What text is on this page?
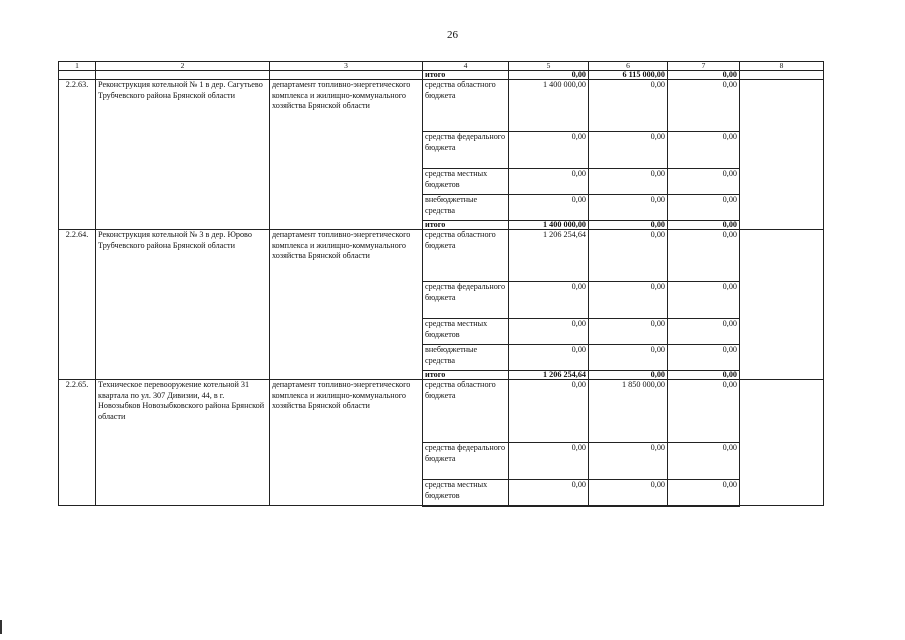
26
1	2	3	4	5	6	7	8
			итого	0,00	6 115 000,00	0,00	
2.2.63.	Реконструкция котельной № 1 в дер. Сагутьево Трубчевского района Брянской области	департамент топливно-энергетического комплекса и жилищно-коммунального хозяйства Брянской области	средства областного бюджета	1 400 000,00	0,00	0,00	
			средства федерального бюджета	0,00	0,00	0,00	
			средства местных бюджетов	0,00	0,00	0,00	
			внебюджетные средства	0,00	0,00	0,00	
			итого	1 400 000,00	0,00	0,00	
2.2.64.	Реконструкция котельной № 3 в дер. Юрово Трубчевского района Брянской области	департамент топливно-энергетического комплекса и жилищно-коммунального хозяйства Брянской области	средства областного бюджета	1 206 254,64	0,00	0,00	
			средства федерального бюджета	0,00	0,00	0,00	
			средства местных бюджетов	0,00	0,00	0,00	
			внебюджетные средства	0,00	0,00	0,00	
			итого	1 206 254,64	0,00	0,00	
2.2.65.	Техническое перевооружение котельной 31 квартала по ул. 307 Дивизии, 44, в г. Новозыбков Новозыбковского района Брянской области	департамент топливно-энергетического комплекса и жилищно-коммунального хозяйства Брянской области	средства областного бюджета	0,00	1 850 000,00	0,00	
			средства федерального бюджета	0,00	0,00	0,00	
			средства местных бюджетов	0,00	0,00	0,00	
